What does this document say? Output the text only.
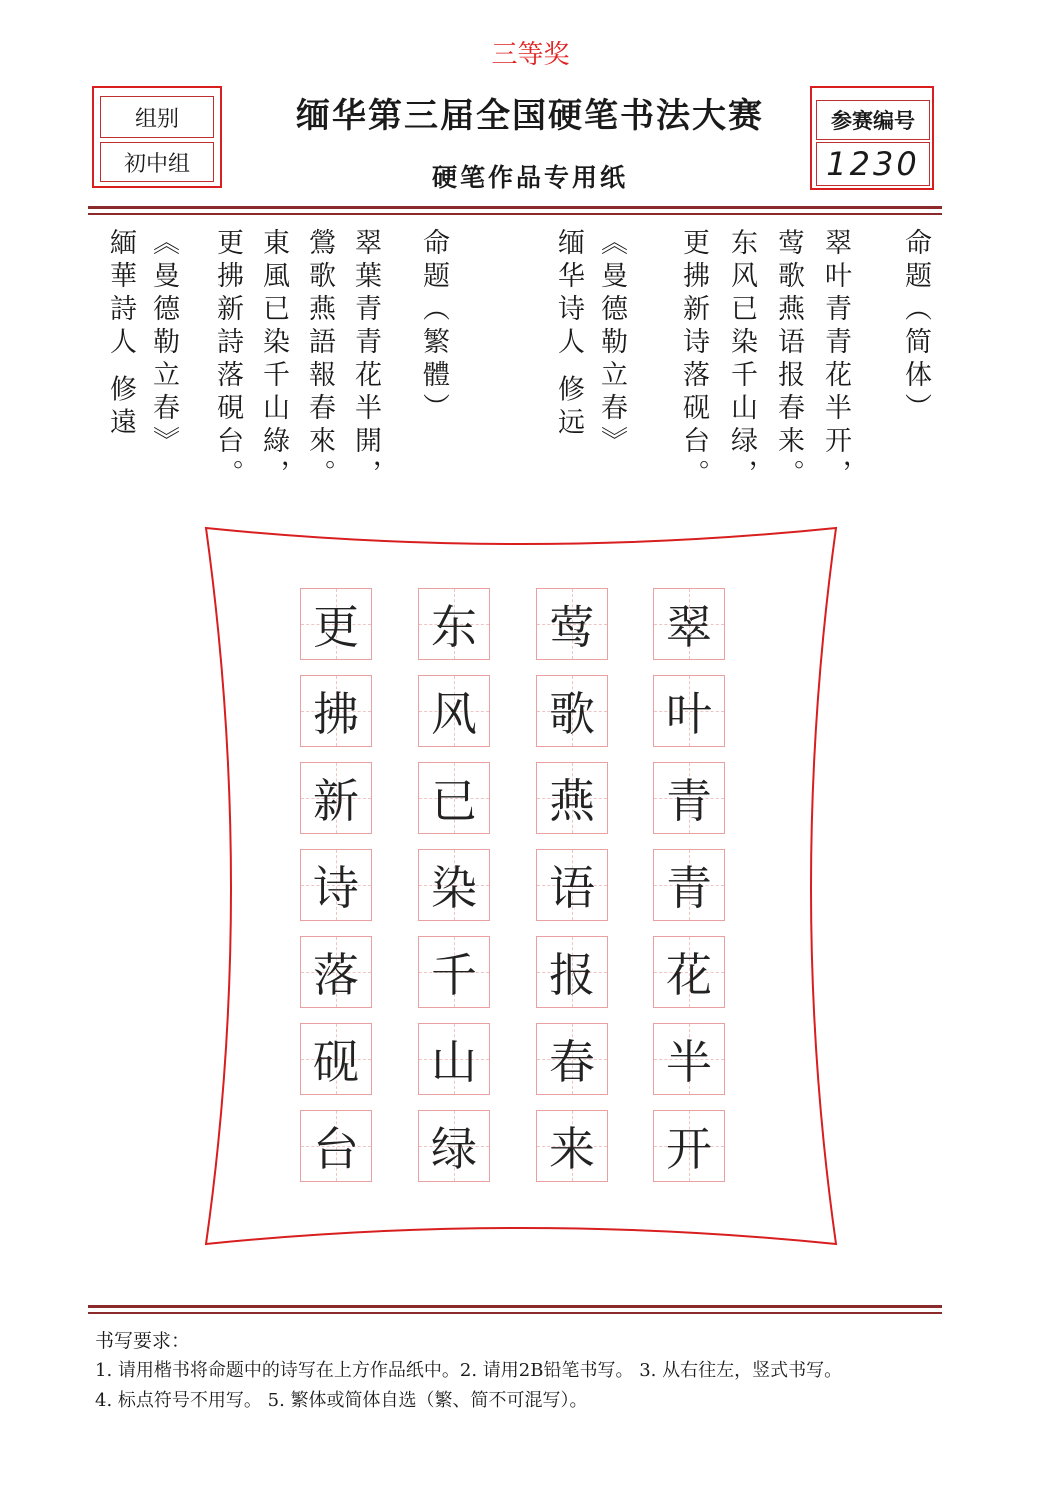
三等奖
组别
初中组
缅华第三届全国硬笔书法大赛
硬笔作品专用纸
参赛编号
1230
命题（简体）
翠叶青青花半开，
莺歌燕语报春来。
东风已染千山绿，
更拂新诗落砚台。
《曼德勒立春》
缅华诗人 修远
命题（繁體）
翠葉青青花半開，
鶯歌燕語報春來。
東風已染千山綠，
更拂新詩落硯台。
《曼德勒立春》
緬華詩人 修遠
翠
叶
青
青
花
半
开
莺
歌
燕
语
报
春
来
东
风
已
染
千
山
绿
更
拂
新
诗
落
砚
台
书写要求：
1. 请用楷书将命题中的诗写在上方作品纸中。2. 请用2B铅笔书写。 3. 从右往左，竖式书写。
4. 标点符号不用写。 5. 繁体或简体自选（繁、简不可混写）。
